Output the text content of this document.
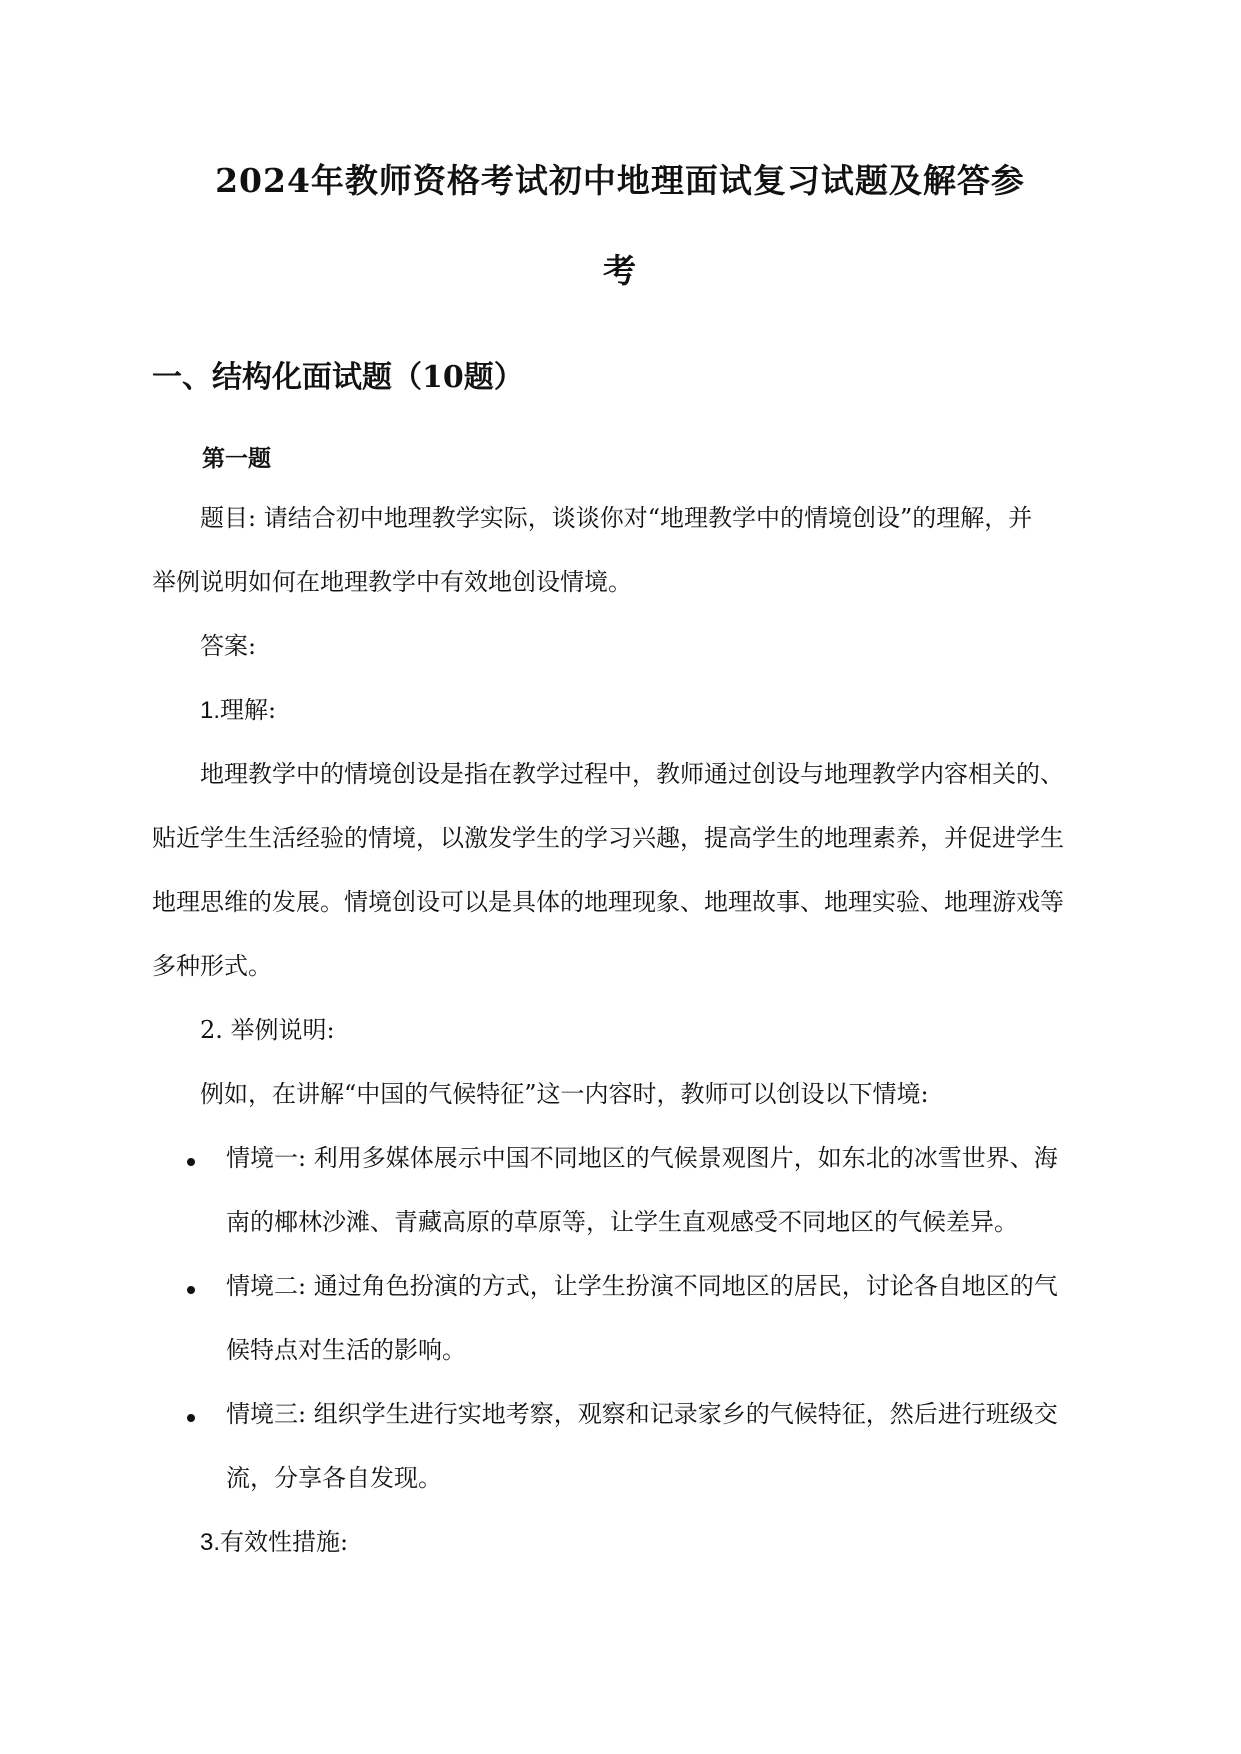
2024年教师资格考试初中地理面试复习试题及解答参
考
一、结构化面试题（10题）
第一题

题目: 请结合初中地理教学实际，谈谈你对“地理教学中的情境创设”的理解，并

举例说明如何在地理教学中有效地创设情境。

答案:

1.理解:

地理教学中的情境创设是指在教学过程中，教师通过创设与地理教学内容相关的、

贴近学生生活经验的情境，以激发学生的学习兴趣，提高学生的地理素养，并促进学生

地理思维的发展。情境创设可以是具体的地理现象、地理故事、地理实验、地理游戏等

多种形式。

2. 举例说明:

例如，在讲解“中国的气候特征”这一内容时，教师可以创设以下情境:

情境一: 利用多媒体展示中国不同地区的气候景观图片，如东北的冰雪世界、海

南的椰林沙滩、青藏高原的草原等，让学生直观感受不同地区的气候差异。

情境二: 通过角色扮演的方式，让学生扮演不同地区的居民，讨论各自地区的气

候特点对生活的影响。

情境三: 组织学生进行实地考察，观察和记录家乡的气候特征，然后进行班级交

流，分享各自发现。

3.有效性措施:
